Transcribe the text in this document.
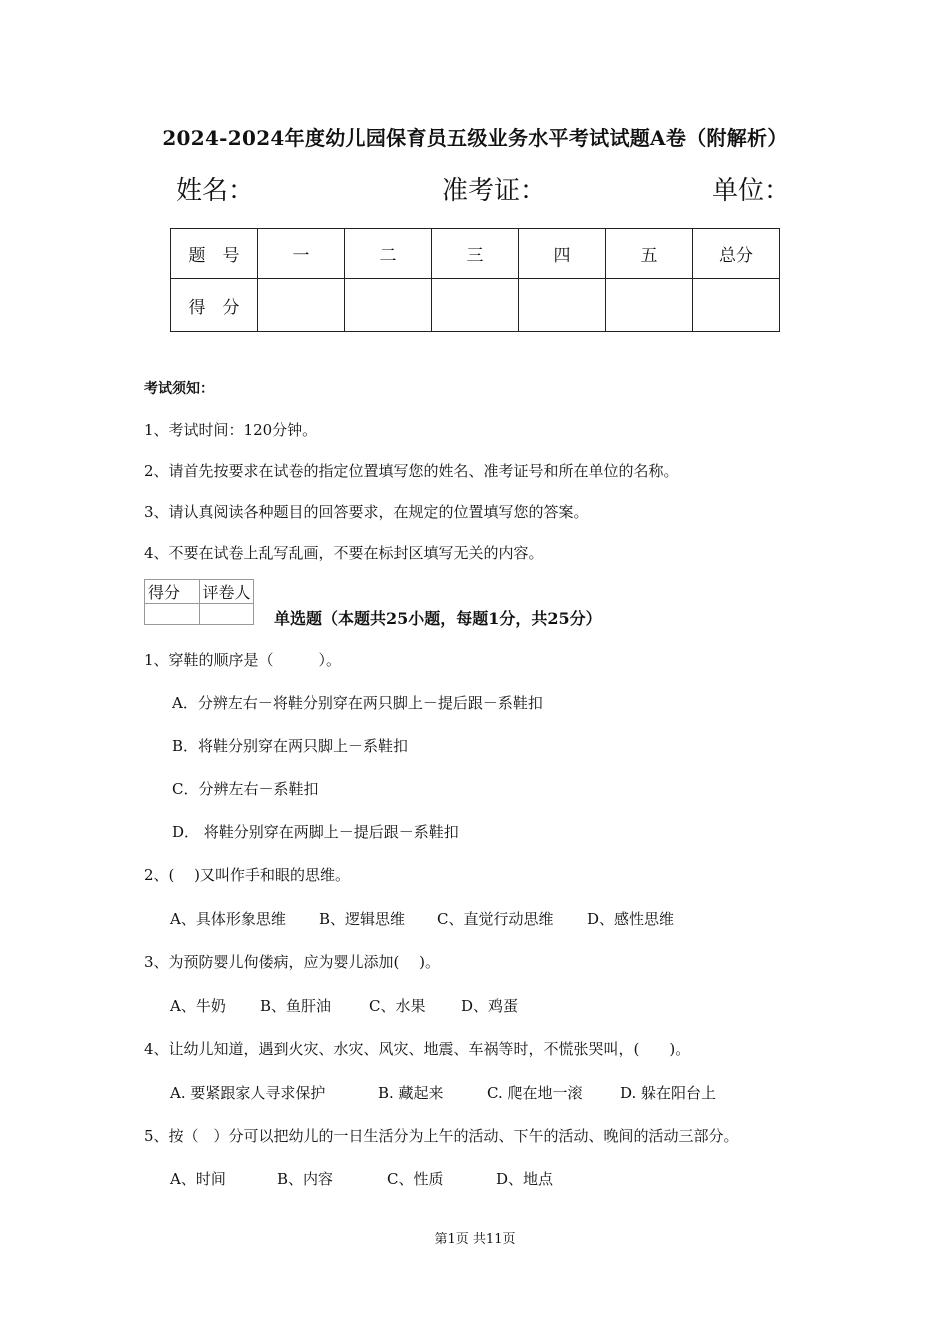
2024-2024年度幼儿园保育员五级业务水平考试试题A卷（附解析）
姓名：	准考证：	单位：
题　号	一	二	三	四	五	总分
得　分						
考试须知：
1、考试时间：120分钟。
2、请首先按要求在试卷的指定位置填写您的姓名、准考证号和所在单位的名称。
3、请认真阅读各种题目的回答要求，在规定的位置填写您的答案。
4、不要在试卷上乱写乱画，不要在标封区填写无关的内容。
得分	评卷人

单选题（本题共25小题，每题1分，共25分）
1、穿鞋的顺序是（　　　）。
A．分辨左右－将鞋分别穿在两只脚上－提后跟－系鞋扣
B．将鞋分别穿在两只脚上－系鞋扣
C．分辨左右－系鞋扣
D． 将鞋分别穿在两脚上－提后跟－系鞋扣
2、(　 )又叫作手和眼的思维。
A、具体形象思维 B、逻辑思维 C、直觉行动思维 D、感性思维
3、为预防婴儿佝偻病，应为婴儿添加(　 )。
A、牛奶 B、鱼肝油	C、水果 D、鸡蛋
4、让幼儿知道，遇到火灾、水灾、风灾、地震、车祸等时，不慌张哭叫，(　　)。
A. 要紧跟家人寻求保护	B. 藏起来	C. 爬在地一滚	D. 躲在阳台上
5、按（　）分可以把幼儿的一日生活分为上午的活动、下午的活动、晚间的活动三部分。
A、时间	B、内容	C、性质	D、地点
第1页 共11页
